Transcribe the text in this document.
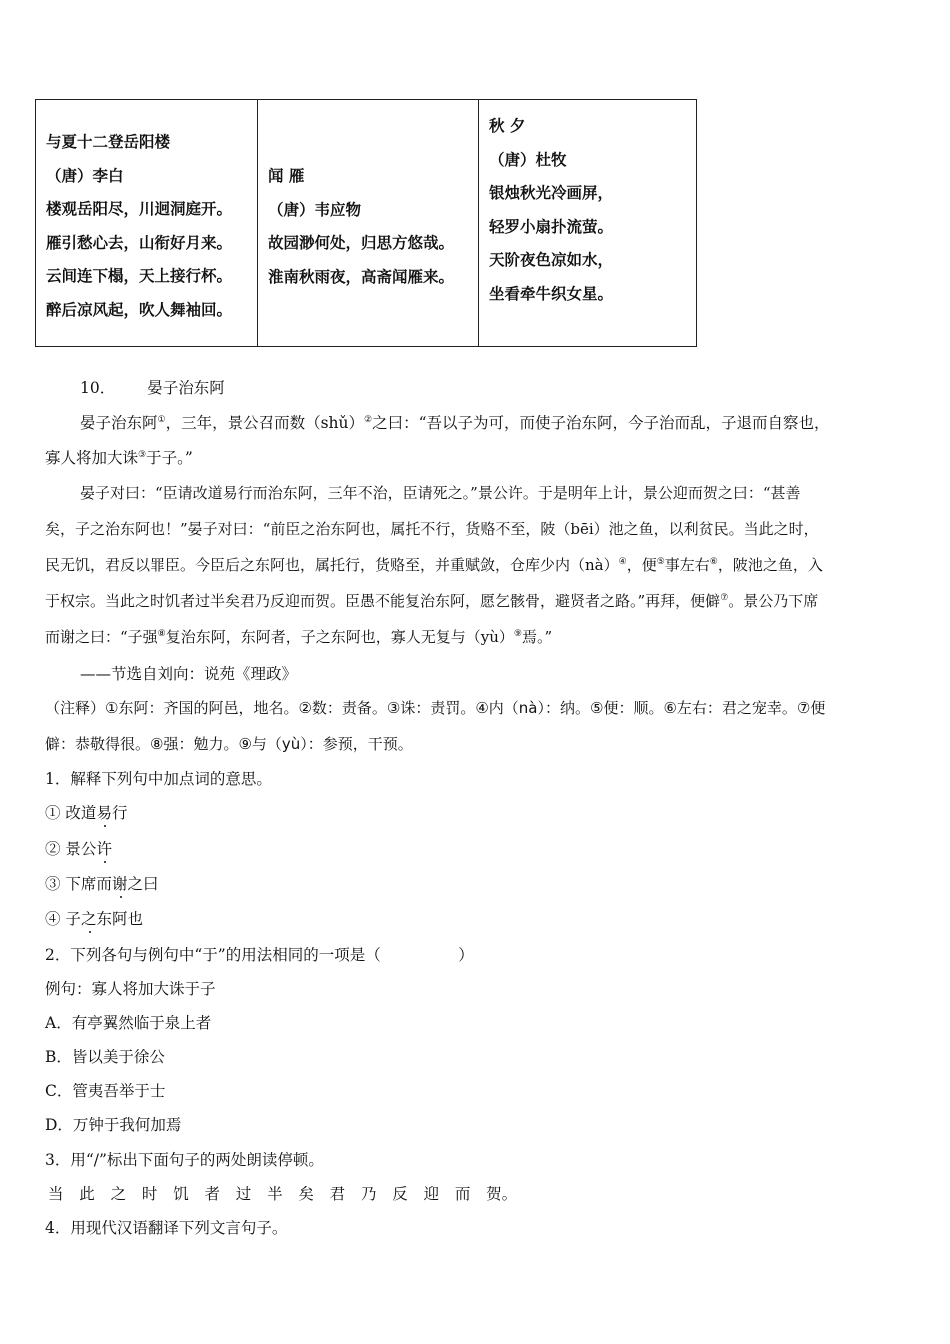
与夏十二登岳阳楼
（唐）李白
楼观岳阳尽，川迥洞庭开。
雁引愁心去，山衔好月来。
云间连下榻，天上接行杯。
醉后凉风起，吹人舞袖回。
闻 雁
（唐）韦应物
故园渺何处，归思方悠哉。
淮南秋雨夜，高斋闻雁来。
秋 夕
（唐）杜牧
银烛秋光冷画屏，
轻罗小扇扑流萤。
天阶夜色凉如水，
坐看牵牛织女星。
10． 晏子治东阿
晏子治东阿①，三年，景公召而数（shǔ）②之曰：“吾以子为可，而使子治东阿，今子治而乱，子退而自察也，
寡人将加大诛③于子。”
晏子对曰：“臣请改道易行而治东阿，三年不治，臣请死之。”景公许。于是明年上计，景公迎而贺之曰：“甚善
矣，子之治东阿也！”晏子对曰：“前臣之治东阿也，属托不行，货赂不至，陂（bēi）池之鱼，以利贫民。当此之时，
民无饥，君反以罪臣。今臣后之东阿也，属托行，货赂至，并重赋敛，仓库少内（nà）④，便⑤事左右⑥，陂池之鱼，入
于权宗。当此之时饥者过半矣君乃反迎而贺。臣愚不能复治东阿，愿乞骸骨，避贤者之路。”再拜，便僻⑦。景公乃下席
而谢之曰：“子强⑧复治东阿，东阿者，子之东阿也，寡人无复与（yù）⑨焉。”
——节选自刘向：说苑《理政》
（注释）①东阿：齐国的阿邑，地名。②数：责备。③诛：责罚。④内（nà）：纳。⑤便：顺。⑥左右：君之宠幸。⑦便
僻：恭敬得很。⑧强：勉力。⑨与（yù）：参预，干预。
1．解释下列句中加点词的意思。
① 改道易行
② 景公许
③ 下席而谢之曰
④ 子之东阿也
2．下列各句与例句中“于”的用法相同的一项是（　　　　　）
例句：寡人将加大诛于子
A．有亭翼然临于泉上者
B．皆以美于徐公
C．管夷吾举于士
D．万钟于我何加焉
3．用“/”标出下面句子的两处朗读停顿。
当 此 之 时 饥 者 过 半 矣 君 乃 反 迎 而 贺。
4．用现代汉语翻译下列文言句子。
